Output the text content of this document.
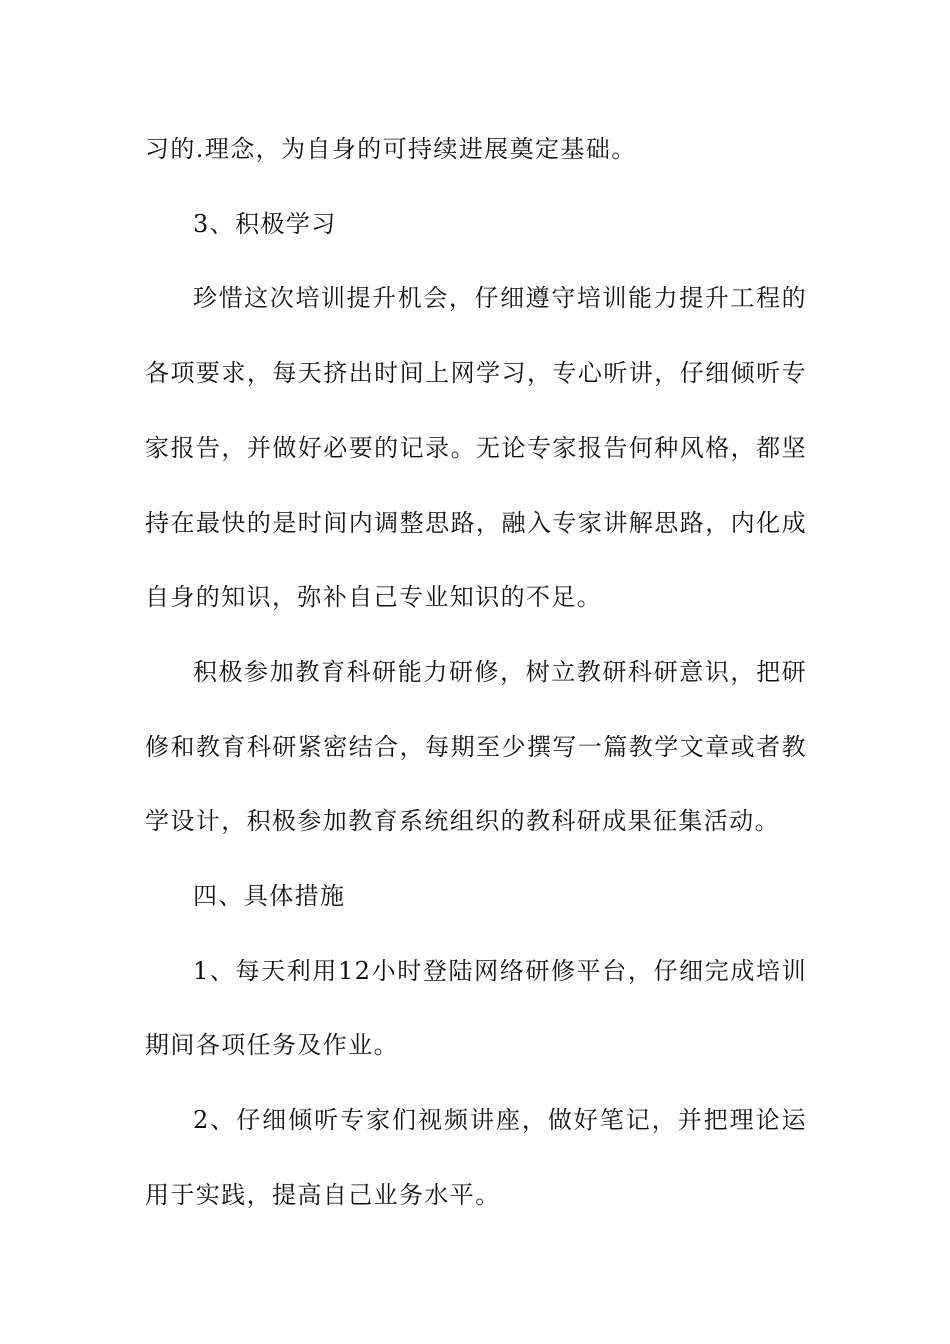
习的.理念，为自身的可持续进展奠定基础。

3、积极学习

珍惜这次培训提升机会，仔细遵守培训能力提升工程的各项要求，每天挤出时间上网学习，专心听讲，仔细倾听专家报告，并做好必要的记录。无论专家报告何种风格，都坚持在最快的是时间内调整思路，融入专家讲解思路，内化成自身的知识，弥补自己专业知识的不足。

积极参加教育科研能力研修，树立教研科研意识，把研修和教育科研紧密结合，每期至少撰写一篇教学文章或者教学设计，积极参加教育系统组织的教科研成果征集活动。

四、具体措施

1、每天利用12小时登陆网络研修平台，仔细完成培训期间各项任务及作业。

2、仔细倾听专家们视频讲座，做好笔记，并把理论运用于实践，提高自己业务水平。
